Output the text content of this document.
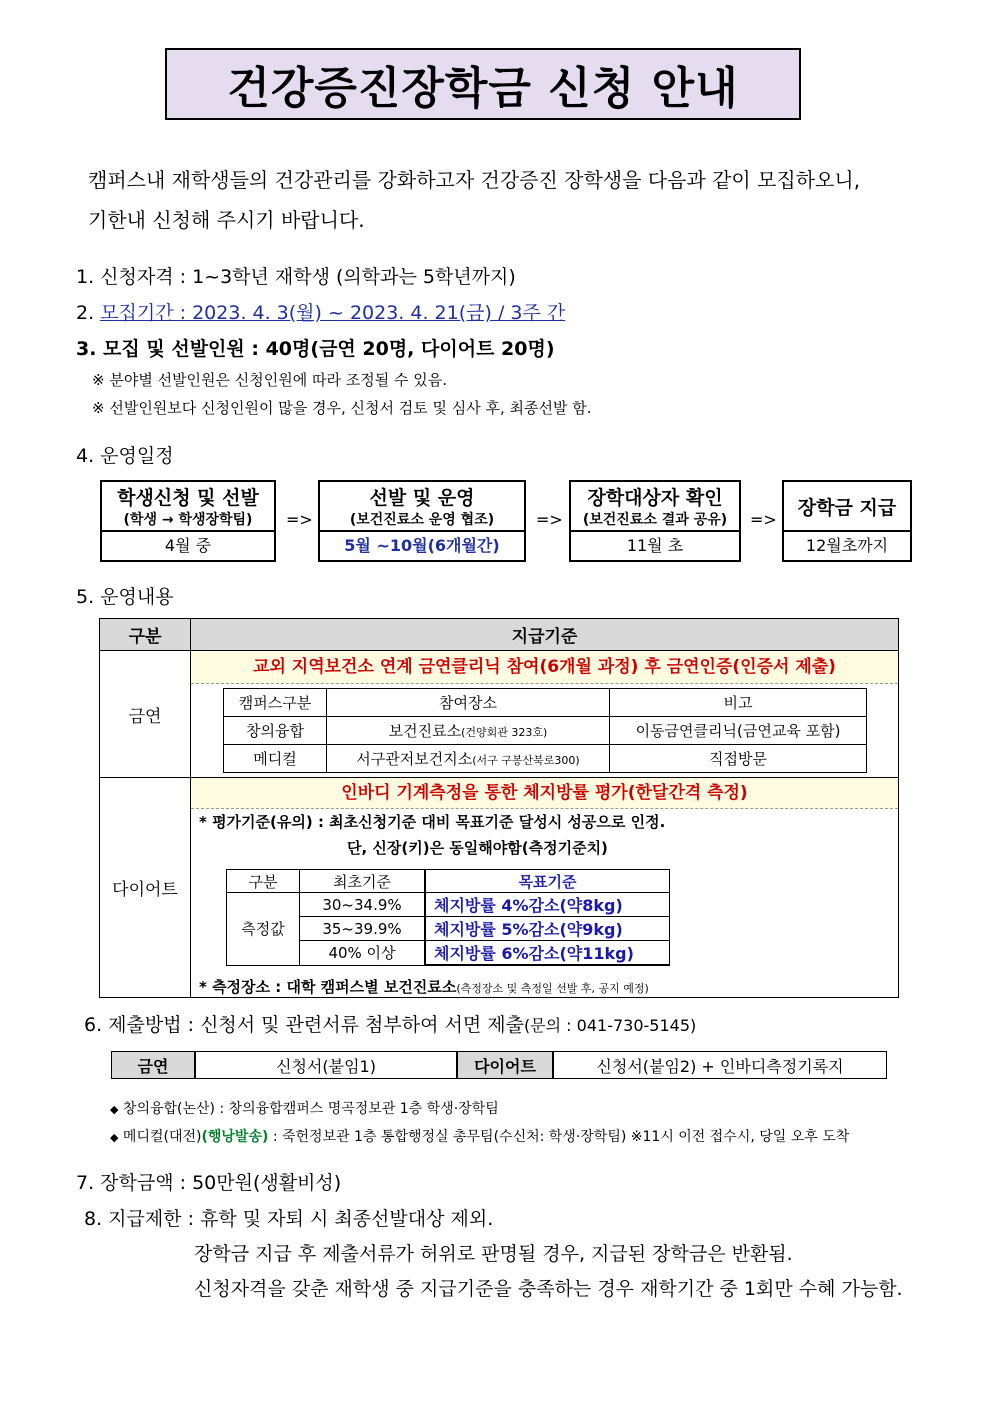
건강증진장학금 신청 안내
캠퍼스내 재학생들의 건강관리를 강화하고자 건강증진 장학생을 다음과 같이 모집하오니,
기한내 신청해 주시기 바랍니다.
1. 신청자격 : 1~3학년 재학생 (의학과는 5학년까지)
2. 모집기간 : 2023. 4. 3(월) ~ 2023. 4. 21(금) / 3주 간
3. 모집 및 선발인원 : 40명(금연 20명, 다이어트 20명)
※ 분야별 선발인원은 신청인원에 따라 조정될 수 있음.
※ 선발인원보다 신청인원이 많을 경우, 신청서 검토 및 심사 후, 최종선발 함.
4. 운영일정
학생신청 및 선발
(학생 → 학생장학팀)
4월 중
=>
선발 및 운영
(보건진료소 운영 협조)
5월 ~10월(6개월간)
=>
장학대상자 확인
(보건진료소 결과 공유)
11월 초
=>
장학금 지급
12월초까지
5. 운영내용
구분	지급기준
금연	
교외 지역보건소 연계 금연클리닉 참여(6개월 과정) 후 금연인증(인증서 제출)
캠퍼스구분	참여장소	비고
창의융합	보건진료소(건양회관 323호)	이동금연클리닉(금연교육 포함)
메디컬	서구관저보건지소(서구 구봉산북로300)	직접방문

다이어트	
인바디 기계측정을 통한 체지방률 평가(한달간격 측정)
* 평가기준(유의) : 최초신청기준 대비 목표기준 달성시 성공으로 인정.
단, 신장(키)은 동일해야함(측정기준치)
구분	최초기준	목표기준
측정값	30~34.9%	체지방률 4%감소(약8kg)
35~39.9%	체지방률 5%감소(약9kg)
40% 이상	체지방률 6%감소(약11kg)
* 측정장소 : 대학 캠퍼스별 보건진료소(측정장소 및 측정일 선발 후, 공지 예정)
6. 제출방법 : 신청서 및 관련서류 첨부하여 서면 제출(문의 : 041-730-5145)
금연	신청서(붙임1)	다이어트	신청서(붙임2) + 인바디측정기록지
◆ 창의융합(논산) : 창의융합캠퍼스 명곡정보관 1층 학생·장학팀
◆ 메디컬(대전)(행낭발송) : 죽헌정보관 1층 통합행정실 총무팀(수신처: 학생·장학팀) ※11시 이전 접수시, 당일 오후 도착
7. 장학금액 : 50만원(생활비성)
8. 지급제한 : 휴학 및 자퇴 시 최종선발대상 제외.
장학금 지급 후 제출서류가 허위로 판명될 경우, 지급된 장학금은 반환됨.
신청자격을 갖춘 재학생 중 지급기준을 충족하는 경우 재학기간 중 1회만 수혜 가능함.
